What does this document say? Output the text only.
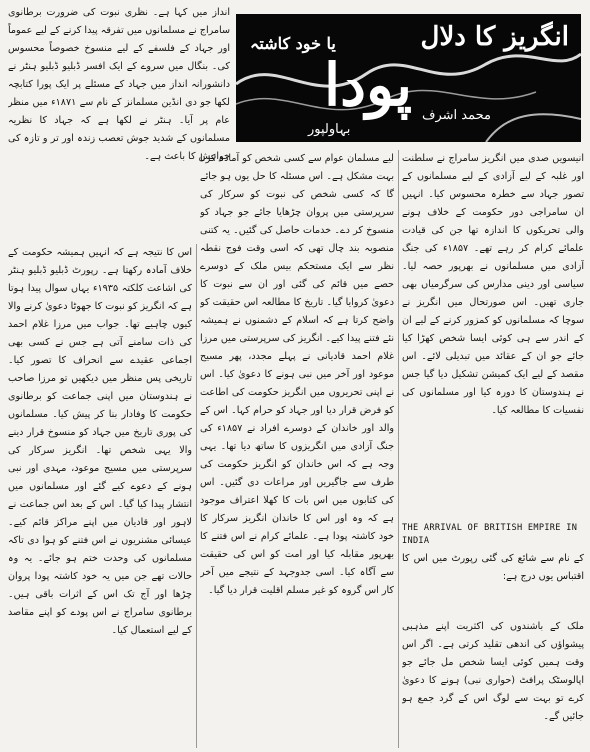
انگریز کا دلال
یا خود کاشتہ
پودا محمد اشرف
بہاولپور

انداز میں کہا ہے۔ نظری نبوت کی ضرورت برطانوی سامراج نے مسلمانوں میں تفرقہ پیدا کرنے کے لیے عموماً اور جہاد کے فلسفے کے لیے منسوخ خصوصاً محسوس کی۔ بنگال میں سروے کے ایک افسر ڈبلیو ڈبلیو ہنٹر نے دانشورانہ انداز میں جہاد کے مسئلے پر ایک پورا کتابچہ لکھا جو دی انڈین مسلمانز کے نام سے ۱۸۷۱ء میں منظر عام پر آیا۔ ہنٹر نے لکھا ہے کہ جہاد کا نظریہ مسلمانوں کے شدید جوش تعصب زندہ اور تر و تازہ کی خواہش کا باعث ہے۔

اس کا نتیجہ ہے کہ انہیں ہمیشہ حکومت کے خلاف آمادہ رکھتا ہے۔ رپورٹ ڈبلیو ڈبلیو ہنٹر کی اشاعت کلکتہ ۱۹۳۵ء یہاں سوال پیدا ہوتا ہے کہ انگریز کو نبوت کا جھوٹا دعویٰ کرنے والا کیوں چاہیے تھا۔ جواب میں مرزا غلام احمد کی ذات سامنے آتی ہے جس نے کسی بھی اجماعی عقیدے سے انحراف کا تصور کیا۔ تاریخی پس منظر میں دیکھیں تو مرزا صاحب نے ہندوستان میں اپنی جماعت کو برطانوی حکومت کا وفادار بنا کر پیش کیا۔ مسلمانوں کی پوری تاریخ میں جہاد کو منسوخ قرار دینے والا یہی شخص تھا۔ انگریز سرکار کی سرپرستی میں مسیح موعود، مہدی اور نبی ہونے کے دعوے کیے گئے اور مسلمانوں میں انتشار پیدا کیا گیا۔ اس کے بعد اس جماعت نے لاہور اور قادیان میں اپنے مراکز قائم کیے۔ عیسائی مشنریوں نے اس فتنے کو ہوا دی تاکہ مسلمانوں کی وحدت ختم ہو جائے۔ یہ وہ حالات تھے جن میں یہ خود کاشتہ پودا پروان چڑھا اور آج تک اس کے اثرات باقی ہیں۔ برطانوی سامراج نے اس پودے کو اپنے مقاصد کے لیے استعمال کیا۔

لیے مسلمان عوام سے کسی شخص کو آمادہ کرنا بہت مشکل ہے۔ اس مسئلہ کا حل یوں ہو جائے گا کہ کسی شخص کی نبوت کو سرکار کی سرپرستی میں پروان چڑھایا جائے جو جہاد کو منسوخ کر دے۔ خدمات حاصل کی گئیں۔ یہ کتنی منصوبہ بند چال تھی کہ اسی وقت فوج نقطہ نظر سے ایک مستحکم بیس ملک کے دوسرے حصے میں قائم کی گئی اور ان سے نبوت کا دعویٰ کروایا گیا۔ تاریخ کا مطالعہ اس حقیقت کو واضح کرتا ہے کہ اسلام کے دشمنوں نے ہمیشہ نئے فتنے پیدا کیے۔ انگریز کی سرپرستی میں مرزا غلام احمد قادیانی نے پہلے مجدد، پھر مسیح موعود اور آخر میں نبی ہونے کا دعویٰ کیا۔ اس نے اپنی تحریروں میں انگریز حکومت کی اطاعت کو فرض قرار دیا اور جہاد کو حرام کہا۔ اس کے والد اور خاندان کے دوسرے افراد نے ۱۸۵۷ء کی جنگ آزادی میں انگریزوں کا ساتھ دیا تھا۔ یہی وجہ ہے کہ اس خاندان کو انگریز حکومت کی طرف سے جاگیریں اور مراعات دی گئیں۔ اس کی کتابوں میں اس بات کا کھلا اعتراف موجود ہے کہ وہ اور اس کا خاندان انگریز سرکار کا خود کاشتہ پودا ہے۔ علمائے کرام نے اس فتنے کا بھرپور مقابلہ کیا اور امت کو اس کی حقیقت سے آگاہ کیا۔ اسی جدوجہد کے نتیجے میں آخر کار اس گروہ کو غیر مسلم اقلیت قرار دیا گیا۔

انیسویں صدی میں انگریز سامراج نے سلطنت اور غلبہ کے لیے آزادی کے لیے مسلمانوں کے تصور جہاد سے خطرہ محسوس کیا۔ انہیں ان سامراجی دور حکومت کے خلاف ہونے والی تحریکوں کا اندازہ تھا جن کی قیادت علمائے کرام کر رہے تھے۔ ۱۸۵۷ء کی جنگ آزادی میں مسلمانوں نے بھرپور حصہ لیا۔ سیاسی اور دینی مدارس کی سرگرمیاں بھی جاری تھیں۔ اس صورتحال میں انگریز نے سوچا کہ مسلمانوں کو کمزور کرنے کے لیے ان کے اندر سے ہی کوئی ایسا شخص کھڑا کیا جائے جو ان کے عقائد میں تبدیلی لائے۔ اس مقصد کے لیے ایک کمیشن تشکیل دیا گیا جس نے ہندوستان کا دورہ کیا اور مسلمانوں کی نفسیات کا مطالعہ کیا۔

THE ARRIVAL OF BRITISH EMPIRE IN INDIA
کے نام سے شائع کی گئی رپورٹ میں اس کا اقتباس یوں درج ہے:

ملک کے باشندوں کی اکثریت اپنے مذہبی پیشواؤں کی اندھی تقلید کرتی ہے۔ اگر اس وقت ہمیں کوئی ایسا شخص مل جائے جو اپالوسٹک پرافٹ (حواری نبی) ہونے کا دعویٰ کرے تو بہت سے لوگ اس کے گرد جمع ہو جائیں گے۔
